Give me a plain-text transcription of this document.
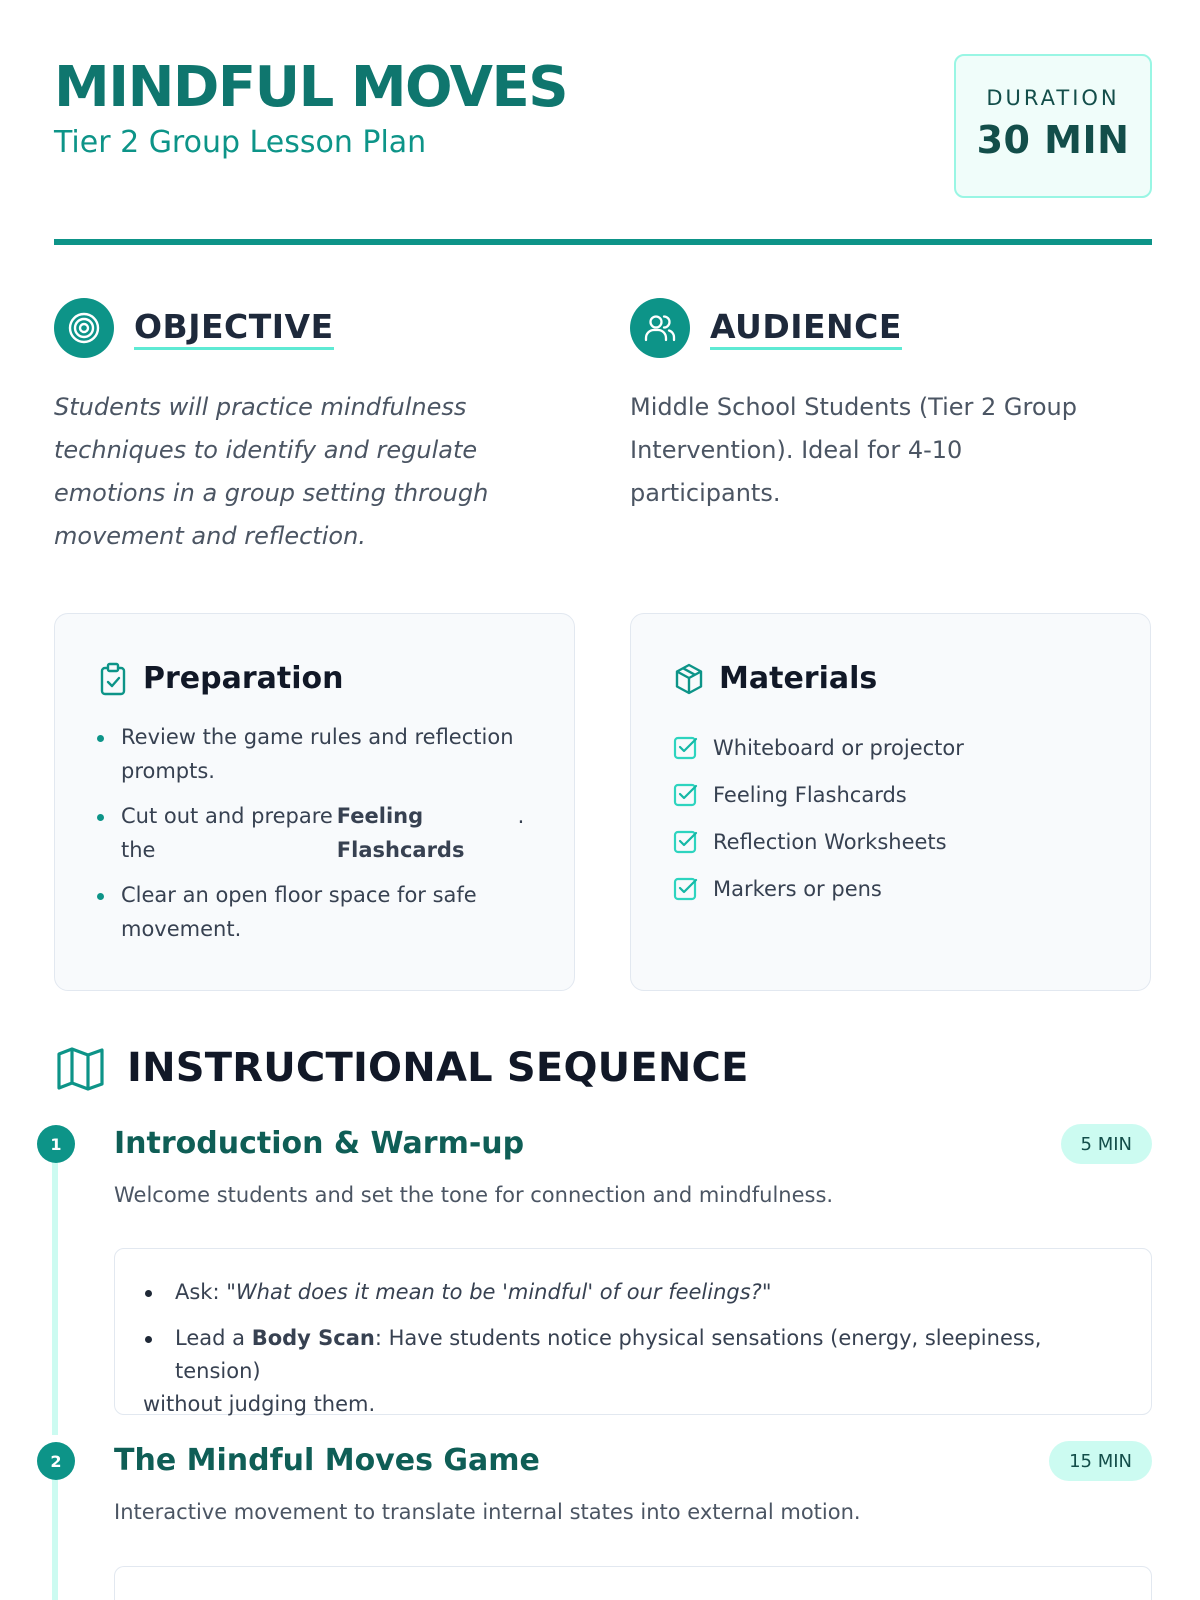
MINDFUL MOVES
Tier 2 Group Lesson Plan
DURATION
30 MIN
OBJECTIVE

Students will practice mindfulness techniques to identify and regulate emotions in a group setting through movement and reflection.

AUDIENCE

Middle School Students (Tier 2 Group Intervention). Ideal for 4-10 participants.

Preparation
Review the game rules and reflection prompts.
Cut out and prepare the
Feeling Flashcards
.
Clear an open floor space for safe movement.
Materials
Whiteboard or projector
Feeling Flashcards
Reflection Worksheets
Markers or pens
INSTRUCTIONAL SEQUENCE
1	Introduction & Warm-up	5 MIN
Welcome students and set the tone for connection and mindfulness.
Ask: "What does it mean to be 'mindful' of our feelings?"
Lead a Body Scan: Have students notice physical sensations (energy, sleepiness, tension)
without judging them.
2	The Mindful Moves Game	15 MIN
Interactive movement to translate internal states into external motion.
